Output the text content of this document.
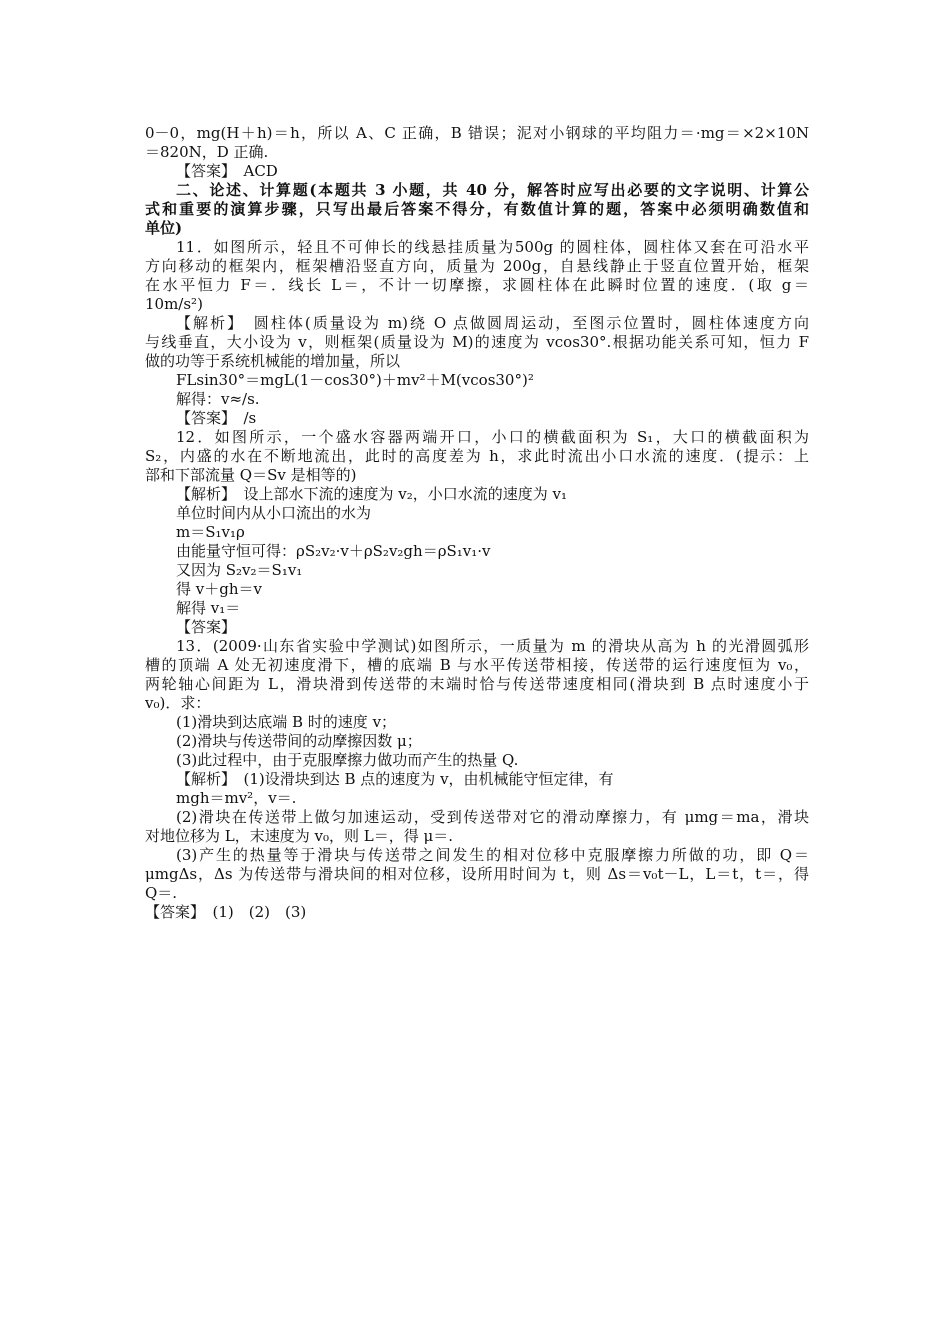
0－0，mg(H＋h)＝h，所以 A、C 正确，B 错误；泥对小钢球的平均阻力＝·mg＝×2×10N
＝820N，D 正确.
【答案】　ACD
二、论述、计算题(本题共 3 小题，共 40 分，解答时应写出必要的文字说明、计算公
式和重要的演算步骤，只写出最后答案不得分，有数值计算的题，答案中必须明确数值和
单位)
11．如图所示，轻且不可伸长的线悬挂质量为500g 的圆柱体，圆柱体又套在可沿水平
方向移动的框架内，框架槽沿竖直方向，质量为 200g，自悬线静止于竖直位置开始，框架
在水平恒力 F＝．线长 L＝，不计一切摩擦，求圆柱体在此瞬时位置的速度．(取 g＝
10m/s²)
【解析】　圆柱体(质量设为 m)绕 O 点做圆周运动，至图示位置时，圆柱体速度方向
与线垂直，大小设为 v，则框架(质量设为 M)的速度为 vcos30°.根据功能关系可知，恒力 F
做的功等于系统机械能的增加量，所以
FLsin30°＝mgL(1－cos30°)＋mv²＋M(vcos30°)²
解得：v≈/s.
【答案】　/s
12．如图所示，一个盛水容器两端开口，小口的横截面积为 S₁，大口的横截面积为
S₂，内盛的水在不断地流出，此时的高度差为 h，求此时流出小口水流的速度．(提示：上
部和下部流量 Q＝Sv 是相等的)
【解析】　设上部水下流的速度为 v₂，小口水流的速度为 v₁
单位时间内从小口流出的水为
m＝S₁v₁ρ
由能量守恒可得：ρS₂v₂·v＋ρS₂v₂gh＝ρS₁v₁·v
又因为 S₂v₂＝S₁v₁
得 v＋gh＝v
解得 v₁＝
【答案】
13．(2009·山东省实验中学测试)如图所示，一质量为 m 的滑块从高为 h 的光滑圆弧形
槽的顶端 A 处无初速度滑下，槽的底端 B 与水平传送带相接，传送带的运行速度恒为 v₀，
两轮轴心间距为 L，滑块滑到传送带的末端时恰与传送带速度相同(滑块到 B 点时速度小于
v₀)．求：
(1)滑块到达底端 B 时的速度 v；
(2)滑块与传送带间的动摩擦因数 μ；
(3)此过程中，由于克服摩擦力做功而产生的热量 Q.
【解析】　(1)设滑块到达 B 点的速度为 v，由机械能守恒定律，有
mgh＝mv²，v＝.
(2)滑块在传送带上做匀加速运动，受到传送带对它的滑动摩擦力，有 μmg＝ma，滑块
对地位移为 L，末速度为 v₀，则 L＝，得 μ＝.
(3)产生的热量等于滑块与传送带之间发生的相对位移中克服摩擦力所做的功，即 Q＝
μmgΔs，Δs 为传送带与滑块间的相对位移，设所用时间为 t，则 Δs＝v₀t－L，L＝t，t＝，得
Q＝.
【答案】　(1)　(2)　(3)
